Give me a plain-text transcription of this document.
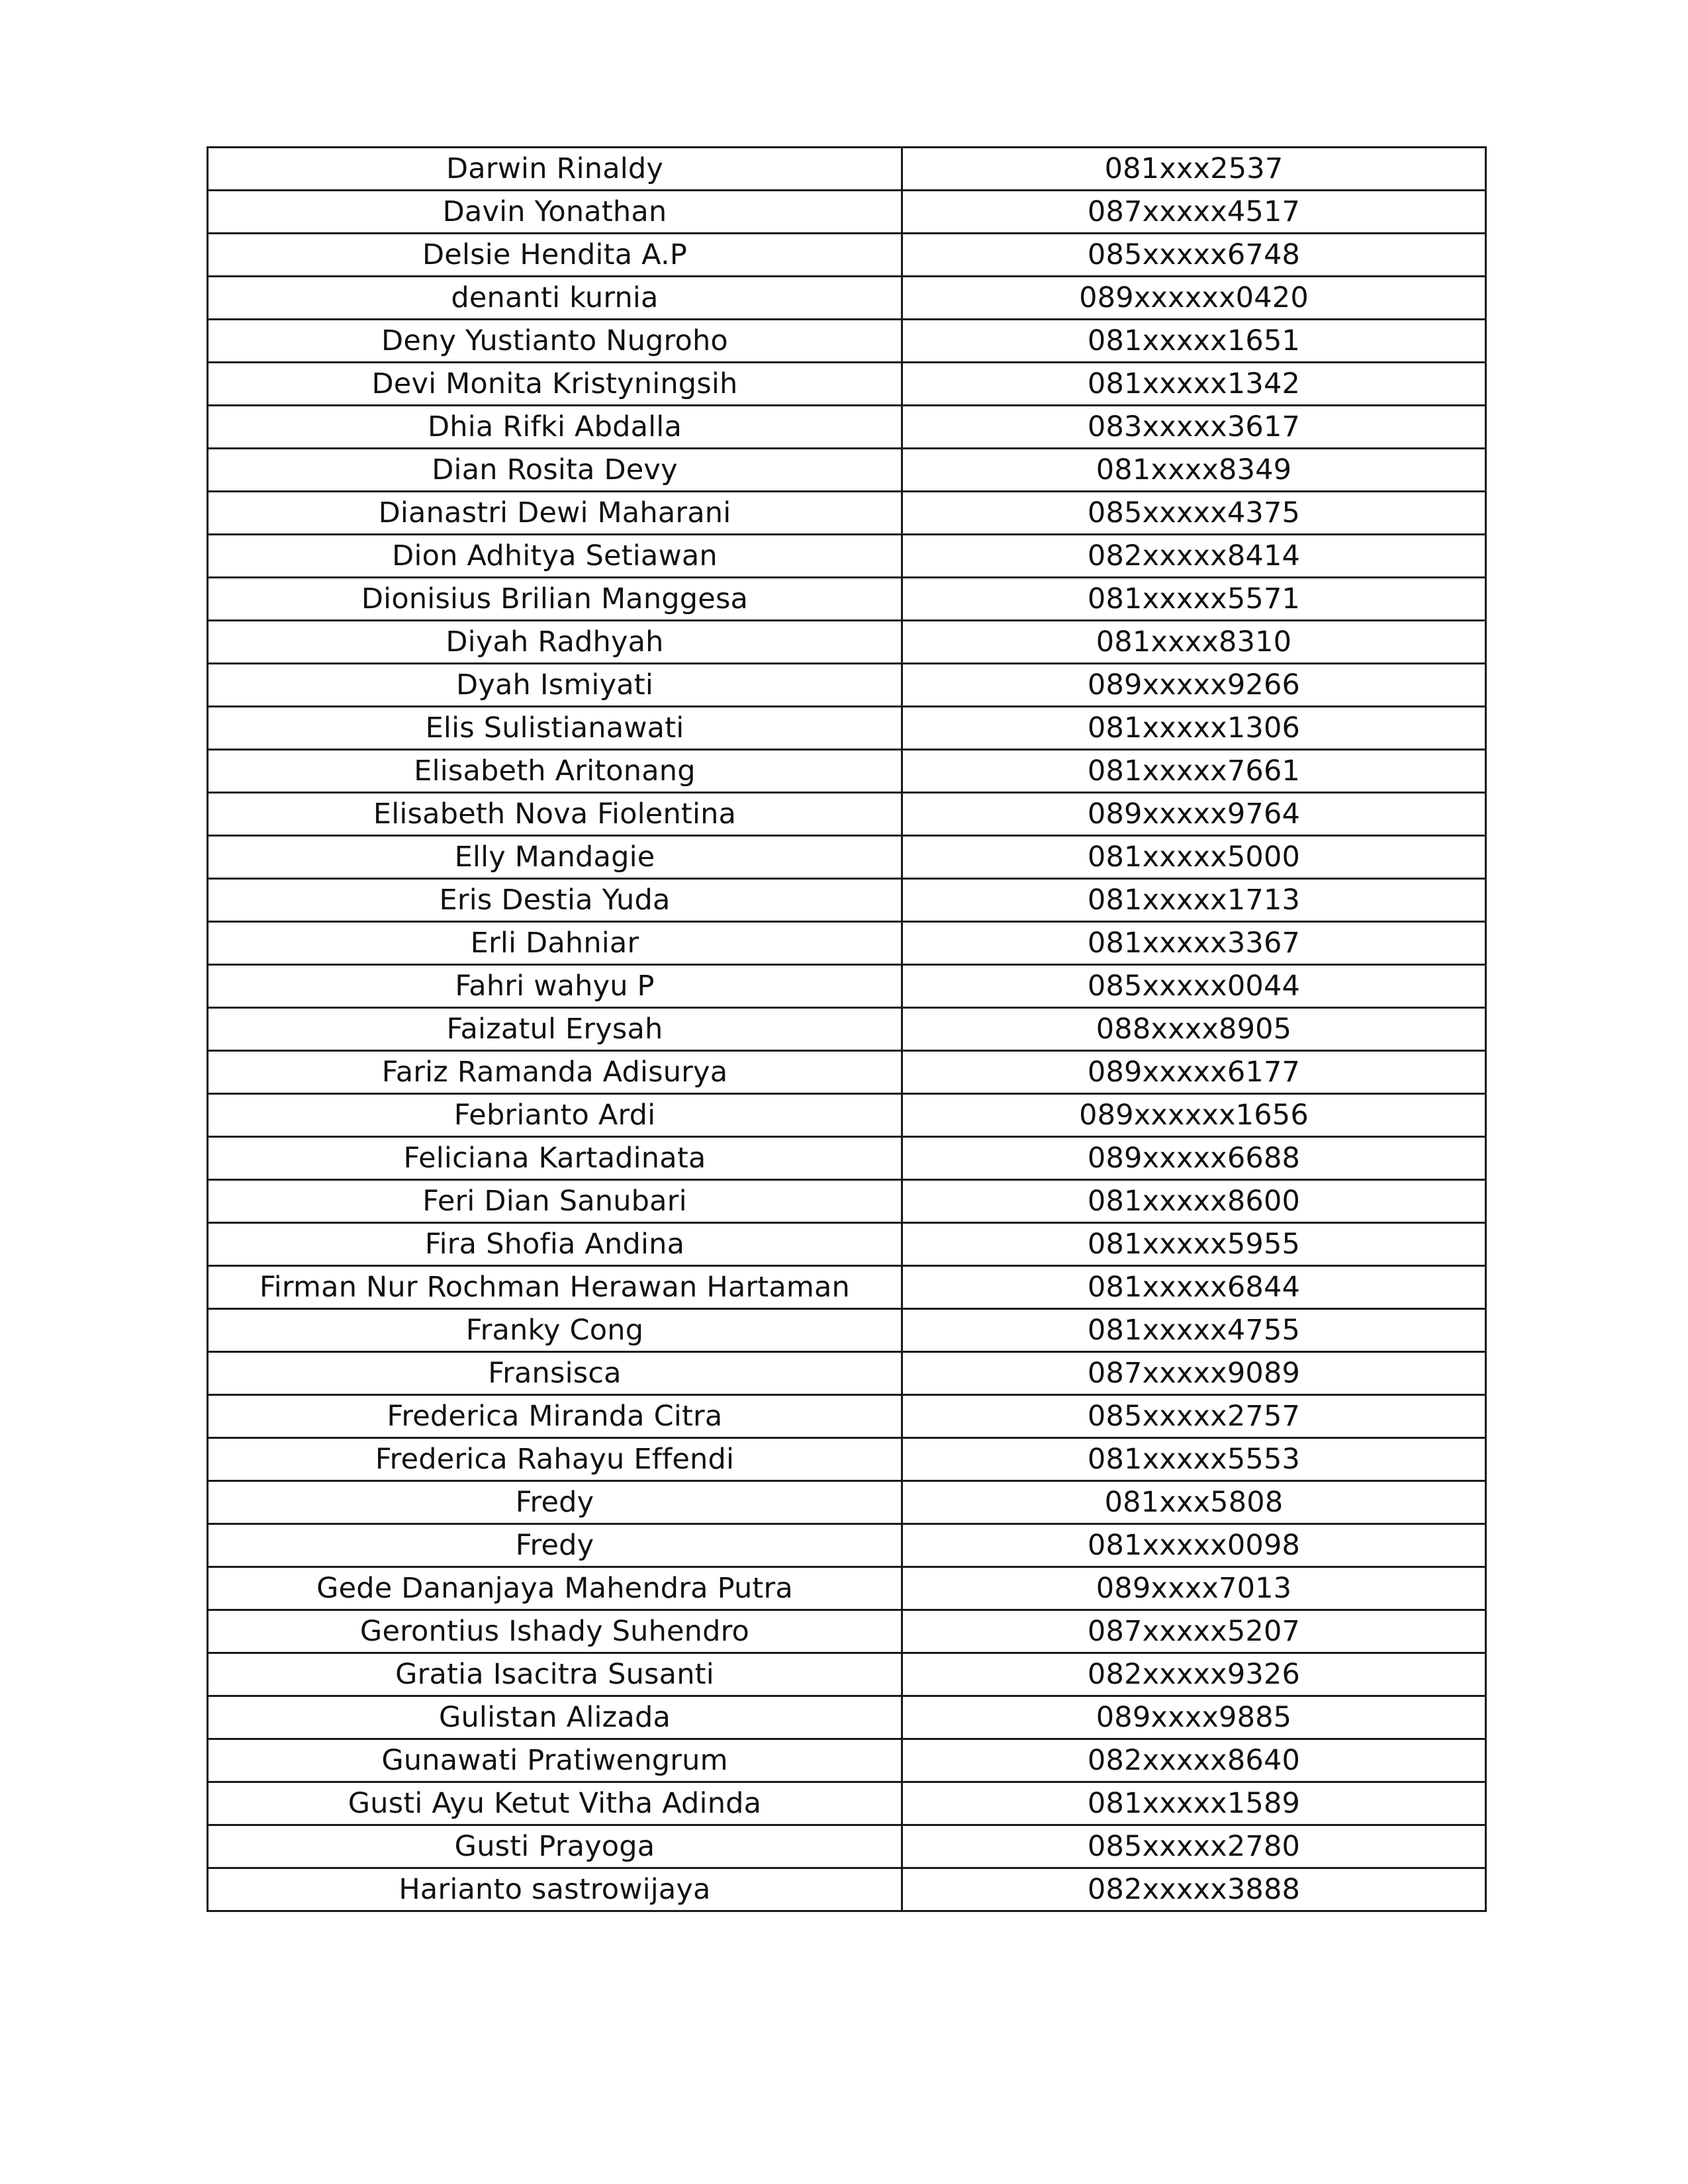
Darwin Rinaldy	081xxx2537
Davin Yonathan	087xxxxx4517
Delsie Hendita A.P	085xxxxx6748
denanti kurnia	089xxxxxx0420
Deny Yustianto Nugroho	081xxxxx1651
Devi Monita Kristyningsih	081xxxxx1342
Dhia Rifki Abdalla	083xxxxx3617
Dian Rosita Devy	081xxxx8349
Dianastri Dewi Maharani	085xxxxx4375
Dion Adhitya Setiawan	082xxxxx8414
Dionisius Brilian Manggesa	081xxxxx5571
Diyah Radhyah	081xxxx8310
Dyah Ismiyati	089xxxxx9266
Elis Sulistianawati	081xxxxx1306
Elisabeth Aritonang	081xxxxx7661
Elisabeth Nova Fiolentina	089xxxxx9764
Elly Mandagie	081xxxxx5000
Eris Destia Yuda	081xxxxx1713
Erli Dahniar	081xxxxx3367
Fahri wahyu P	085xxxxx0044
Faizatul Erysah	088xxxx8905
Fariz Ramanda Adisurya	089xxxxx6177
Febrianto Ardi	089xxxxxx1656
Feliciana Kartadinata	089xxxxx6688
Feri Dian Sanubari	081xxxxx8600
Fira Shofia Andina	081xxxxx5955
Firman Nur Rochman Herawan Hartaman	081xxxxx6844
Franky Cong	081xxxxx4755
Fransisca	087xxxxx9089
Frederica Miranda Citra	085xxxxx2757
Frederica Rahayu Effendi	081xxxxx5553
Fredy	081xxx5808
Fredy	081xxxxx0098
Gede Dananjaya Mahendra Putra	089xxxx7013
Gerontius Ishady Suhendro	087xxxxx5207
Gratia Isacitra Susanti	082xxxxx9326
Gulistan Alizada	089xxxx9885
Gunawati Pratiwengrum	082xxxxx8640
Gusti Ayu Ketut Vitha Adinda	081xxxxx1589
Gusti Prayoga	085xxxxx2780
Harianto sastrowijaya	082xxxxx3888
